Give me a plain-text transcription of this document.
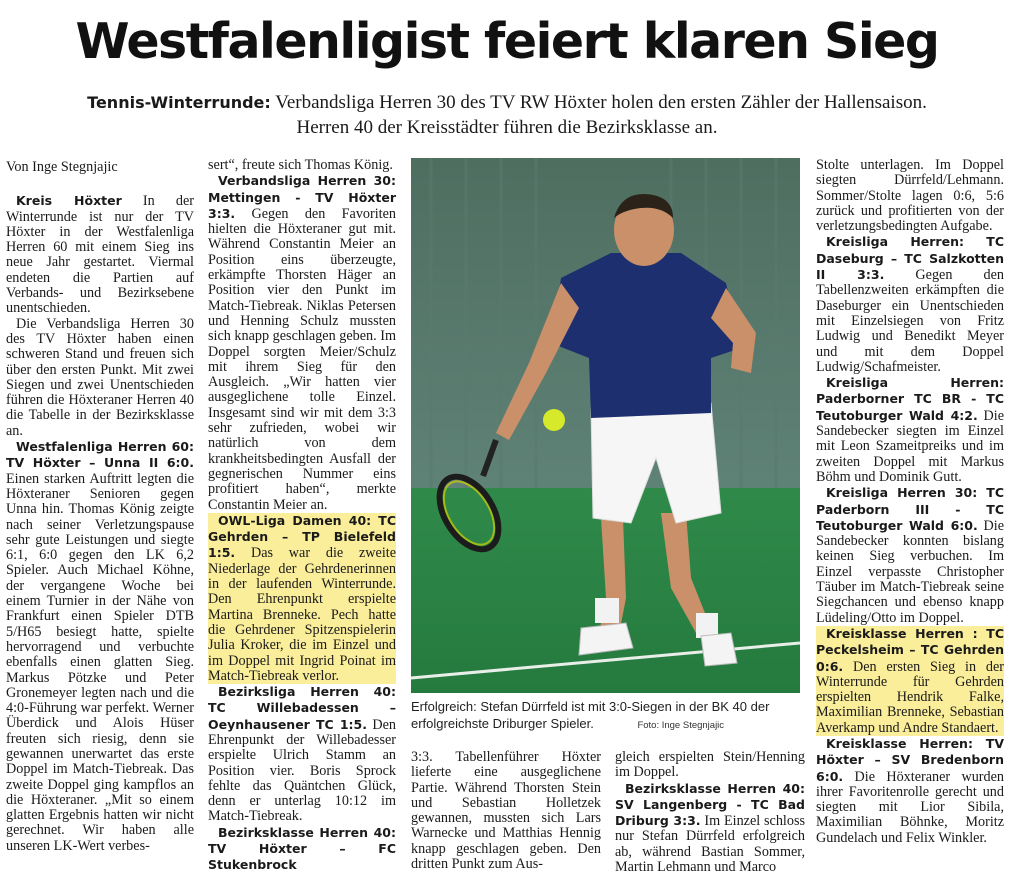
Westfalenligist feiert klaren Sieg
Tennis-Winterrunde: Verbandsliga Herren 30 des TV RW Höxter holen den ersten Zähler der Hallensaison.
Herren 40 der Kreisstädter führen die Bezirksklasse an.

Von Inge Stegnjajic

Kreis Höxter In der Winterrunde ist nur der TV Höxter in der Westfalenliga Herren 60 mit einem Sieg ins neue Jahr gestartet. Viermal endeten die Partien auf Verbands- und Bezirksebene unentschieden.

Die Verbandsliga Herren 30 des TV Höxter haben einen schweren Stand und freuen sich über den ersten Punkt. Mit zwei Siegen und zwei Unentschieden führen die Höxteraner Herren 40 die Tabelle in der Bezirksklasse an.

Westfalenliga Herren 60: TV Höxter – Unna II 6:0. Einen starken Auftritt legten die Höxteraner Senioren gegen Unna hin. Thomas König zeigte nach seiner Verletzungspause sehr gute Leistungen und siegte 6:1, 6:0 gegen den LK 6,2 Spieler. Auch Michael Köhne, der vergangene Woche bei einem Turnier in der Nähe von Frankfurt einen Spieler DTB 5/H65 besiegt hatte, spielte hervorragend und verbuchte ebenfalls einen glatten Sieg. Markus Pötzke und Peter Gronemeyer legten nach und die 4:0-Führung war perfekt. Werner Überdick und Alois Hüser freuten sich riesig, denn sie gewannen unerwartet das erste Doppel im Match-Tiebreak. Das zweite Doppel ging kampflos an die Höxteraner. „Mit so einem glatten Ergebnis hatten wir nicht gerechnet. Wir haben alle unseren LK-Wert verbes-

sert“, freute sich Thomas König.

Verbandsliga Herren 30: Mettingen - TV Höxter 3:3. Gegen den Favoriten hielten die Höxteraner gut mit. Während Constantin Meier an Position eins überzeugte, erkämpfte Thorsten Häger an Position vier den Punkt im Match-Tiebreak. Niklas Petersen und Henning Schulz mussten sich knapp geschlagen geben. Im Doppel sorgten Meier/Schulz mit ihrem Sieg für den Ausgleich. „Wir hatten vier ausgeglichene tolle Einzel. Insgesamt sind wir mit dem 3:3 sehr zufrieden, wobei wir natürlich von dem krankheitsbedingten Ausfall der gegnerischen Nummer eins profitiert haben“, merkte Constantin Meier an.

OWL-Liga Damen 40: TC Gehrden – TP Bielefeld 1:5. Das war die zweite Niederlage der Gehrdenerinnen in der laufenden Winterrunde. Den Ehrenpunkt erspielte Martina Brenneke. Pech hatte die Gehrdener Spitzenspielerin Julia Kroker, die im Einzel und im Doppel mit Ingrid Poinat im Match-Tiebreak verlor.

Bezirksliga Herren 40: TC Willebadessen – Oeynhausener TC 1:5. Den Ehrenpunkt der Willebadesser erspielte Ulrich Stamm an Position vier. Boris Sprock fehlte das Quäntchen Glück, denn er unterlag 10:12 im Match-Tiebreak.

Bezirksklasse Herren 40: TV Höxter – FC Stukenbrock

Erfolgreich: Stefan Dürrfeld ist mit 3:0-Siegen in der BK 40 der erfolgreichste Driburger Spieler.	Foto: Inge Stegnjajic

3:3. Tabellenführer Höxter lieferte eine ausgeglichene Partie. Während Thorsten Stein und Sebastian Holletzek gewannen, mussten sich Lars Warnecke und Matthias Hennig knapp geschlagen geben. Den dritten Punkt zum Aus-

gleich erspielten Stein/Henning im Doppel.

Bezirksklasse Herren 40: SV Langenberg - TC Bad Driburg 3:3. Im Einzel schloss nur Stefan Dürrfeld erfolgreich ab, während Bastian Sommer, Martin Lehmann und Marco

Stolte unterlagen. Im Doppel siegten Dürrfeld/Lehmann. Sommer/Stolte lagen 0:6, 5:6 zurück und profitierten von der verletzungsbedingten Aufgabe.

Kreisliga Herren: TC Daseburg – TC Salzkotten II 3:3. Gegen den Tabellenzweiten erkämpften die Daseburger ein Unentschieden mit Einzelsiegen von Fritz Ludwig und Benedikt Meyer und mit dem Doppel Ludwig/Schafmeister.

Kreisliga Herren: Paderborner TC BR - TC Teutoburger Wald 4:2. Die Sandebecker siegten im Einzel mit Leon Szameitpreiks und im zweiten Doppel mit Markus Böhm und Dominik Gutt.

Kreisliga Herren 30: TC Paderborn III - TC Teutoburger Wald 6:0. Die Sandebecker konnten bislang keinen Sieg verbuchen. Im Einzel verpasste Christopher Täuber im Match-Tiebreak seine Siegchancen und ebenso knapp Lüdeling/Otto im Doppel.

Kreisklasse Herren : TC Peckelsheim – TC Gehrden 0:6. Den ersten Sieg in der Winterrunde für Gehrden erspielten Hendrik Falke, Maximilian Brenneke, Sebastian Averkamp und Andre Standaert.

Kreisklasse Herren: TV Höxter – SV Bredenborn 6:0. Die Höxteraner wurden ihrer Favoritenrolle gerecht und siegten mit Lior Sibila, Maximilian Böhnke, Moritz Gundelach und Felix Winkler.
